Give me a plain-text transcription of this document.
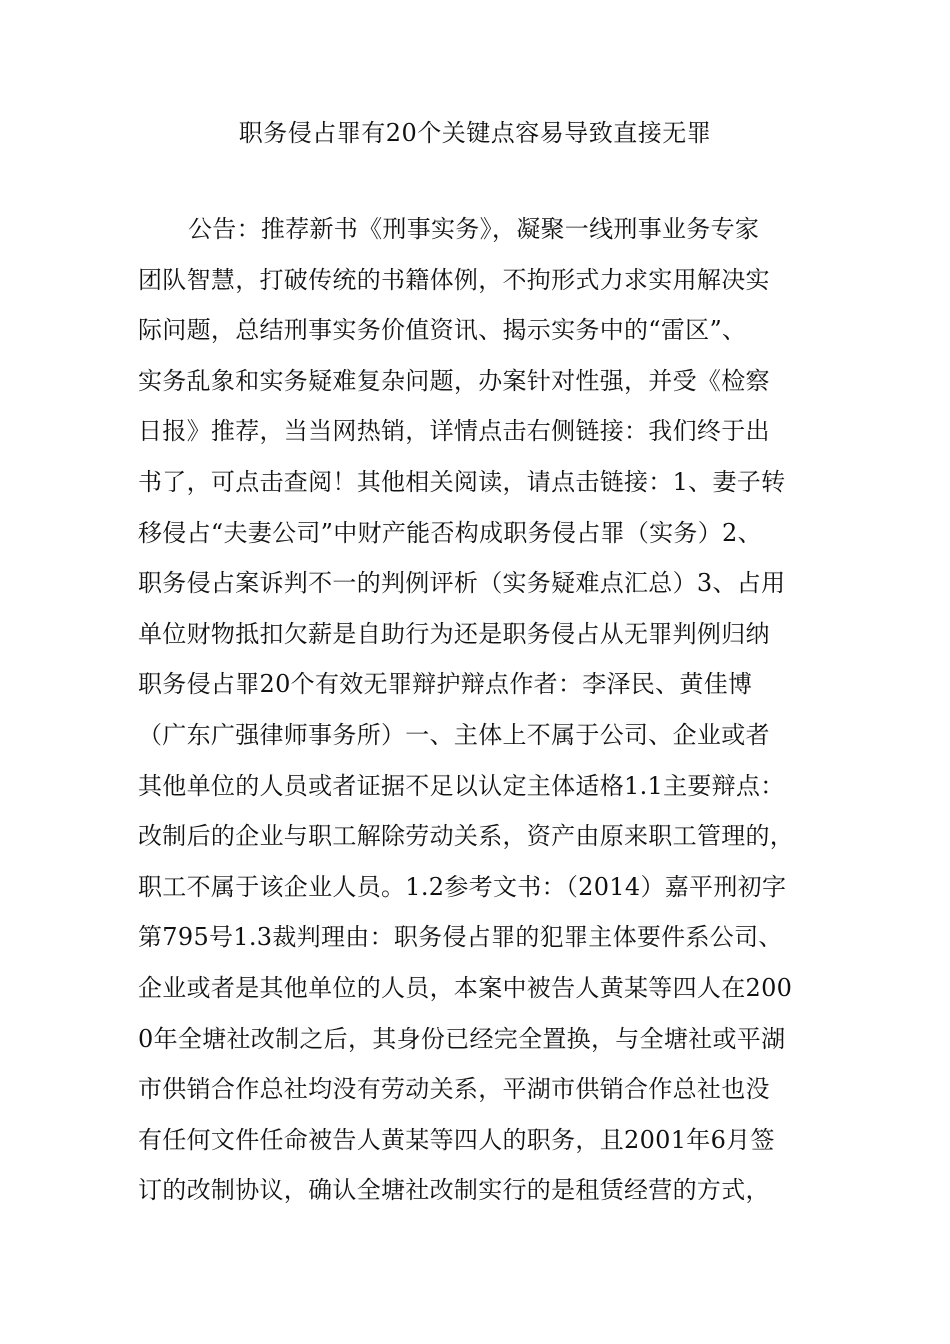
职务侵占罪有20个关键点容易导致直接无罪
公告：推荐新书《刑事实务》，凝聚一线刑事业务专家
团队智慧，打破传统的书籍体例，不拘形式力求实用解决实
际问题，总结刑事实务价值资讯、揭示实务中的“雷区”、
实务乱象和实务疑难复杂问题，办案针对性强，并受《检察
日报》推荐，当当网热销，详情点击右侧链接：我们终于出
书了，可点击查阅！其他相关阅读，请点击链接：1、妻子转
移侵占“夫妻公司”中财产能否构成职务侵占罪（实务）2、
职务侵占案诉判不一的判例评析（实务疑难点汇总）3、占用
单位财物抵扣欠薪是自助行为还是职务侵占从无罪判例归纳
职务侵占罪20个有效无罪辩护辩点作者：李泽民、黄佳博
（广东广强律师事务所）一、主体上不属于公司、企业或者
其他单位的人员或者证据不足以认定主体适格1.1主要辩点：
改制后的企业与职工解除劳动关系，资产由原来职工管理的，
职工不属于该企业人员。1.2参考文书：（2014）嘉平刑初字
第795号1.3裁判理由：职务侵占罪的犯罪主体要件系公司、
企业或者是其他单位的人员，本案中被告人黄某等四人在200
0年全塘社改制之后，其身份已经完全置换，与全塘社或平湖
市供销合作总社均没有劳动关系，平湖市供销合作总社也没
有任何文件任命被告人黄某等四人的职务，且2001年6月签
订的改制协议，确认全塘社改制实行的是租赁经营的方式，
